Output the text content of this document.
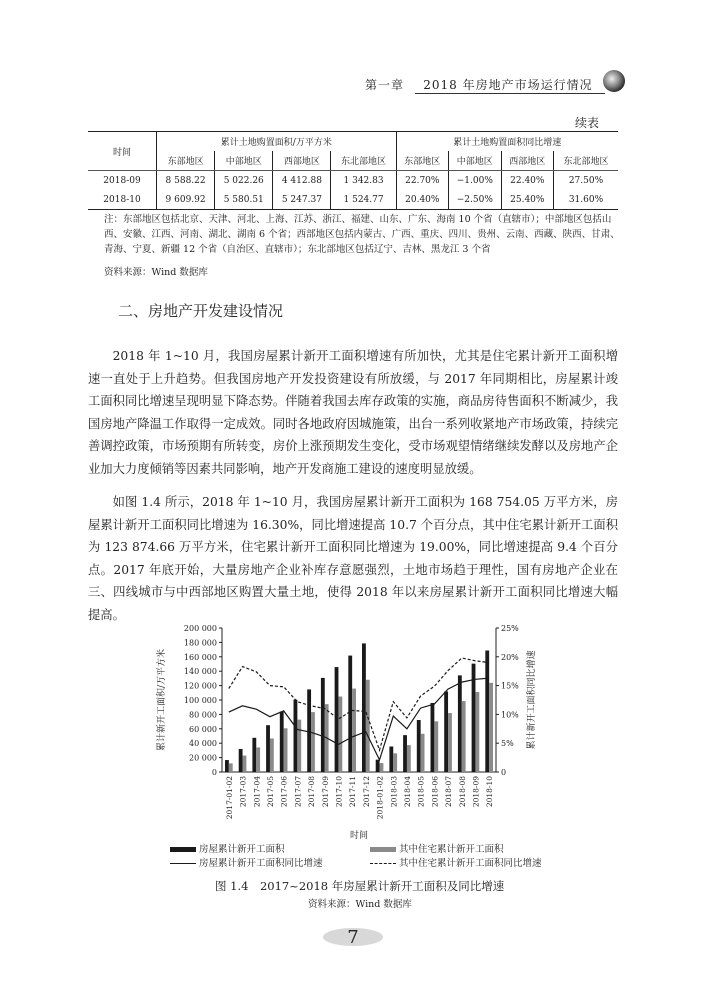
第一章 2018 年房地产市场运行情况
续表
时间	累计土地购置面积/万平方米				累计土地购置面积同比增速			
	东部地区	中部地区	西部地区	东北部地区	东部地区	中部地区	西部地区	东北部地区
2018-09	8 588.22	5 022.26	4 412.88	1 342.83	22.70%	−1.00%	22.40%	27.50%
2018-10	9 609.92	5 580.51	5 247.37	1 524.77	20.40%	−2.50%	25.40%	31.60%
注：东部地区包括北京、天津、河北、上海、江苏、浙江、福建、山东、广东、海南 10 个省（直辖市）；中部地区包括山西、安徽、江西、河南、湖北、湖南 6 个省；西部地区包括内蒙古、广西、重庆、四川、贵州、云南、西藏、陕西、甘肃、青海、宁夏、新疆 12 个省（自治区、直辖市）；东北部地区包括辽宁、吉林、黑龙江 3 个省
资料来源：Wind 数据库
二、房地产开发建设情况

2018 年 1~10 月，我国房屋累计新开工面积增速有所加快，尤其是住宅累计新开工面积增速一直处于上升趋势。但我国房地产开发投资建设有所放缓，与 2017 年同期相比，房屋累计竣工面积同比增速呈现明显下降态势。伴随着我国去库存政策的实施，商品房待售面积不断减少，我国房地产降温工作取得一定成效。同时各地政府因城施策，出台一系列收紧地产市场政策，持续完善调控政策，市场预期有所转变，房价上涨预期发生变化，受市场观望情绪继续发酵以及房地产企业加大力度倾销等因素共同影响，地产开发商施工建设的速度明显放缓。

如图 1.4 所示，2018 年 1~10 月，我国房屋累计新开工面积为 168 754.05 万平方米，房屋累计新开工面积同比增速为 16.30%，同比增速提高 10.7 个百分点，其中住宅累计新开工面积为 123 874.66 万平方米，住宅累计新开工面积同比增速为 19.00%，同比增速提高 9.4 个百分点。2017 年底开始，大量房地产企业补库存意愿强烈，土地市场趋于理性，国有房地产企业在三、四线城市与中西部地区购置大量土地，使得 2018 年以来房屋累计新开工面积同比增速大幅提高。

0
20 000
40 000
60 000
80 000
100 000
120 000
140 000
160 000
180 000
200 000
0
5%
10%
15%
20%
25%
累计新开工面积/万平方米	累计新开工面积同比增速
时间
2017-01-02 2017-03 2017-04 2017-05 2017-06 2017-07 2017-08 2017-09 2017-10 2017-11 2017-12 2018-01-02 2018-03 2018-04 2018-05 2018-06 2018-07 2018-08 2018-09 2018-10
房屋累计新开工面积	其中住宅累计新开工面积
房屋累计新开工面积同比增速	其中住宅累计新开工面积同比增速
图 1.4　2017~2018 年房屋累计新开工面积及同比增速
资料来源：Wind 数据库
7
